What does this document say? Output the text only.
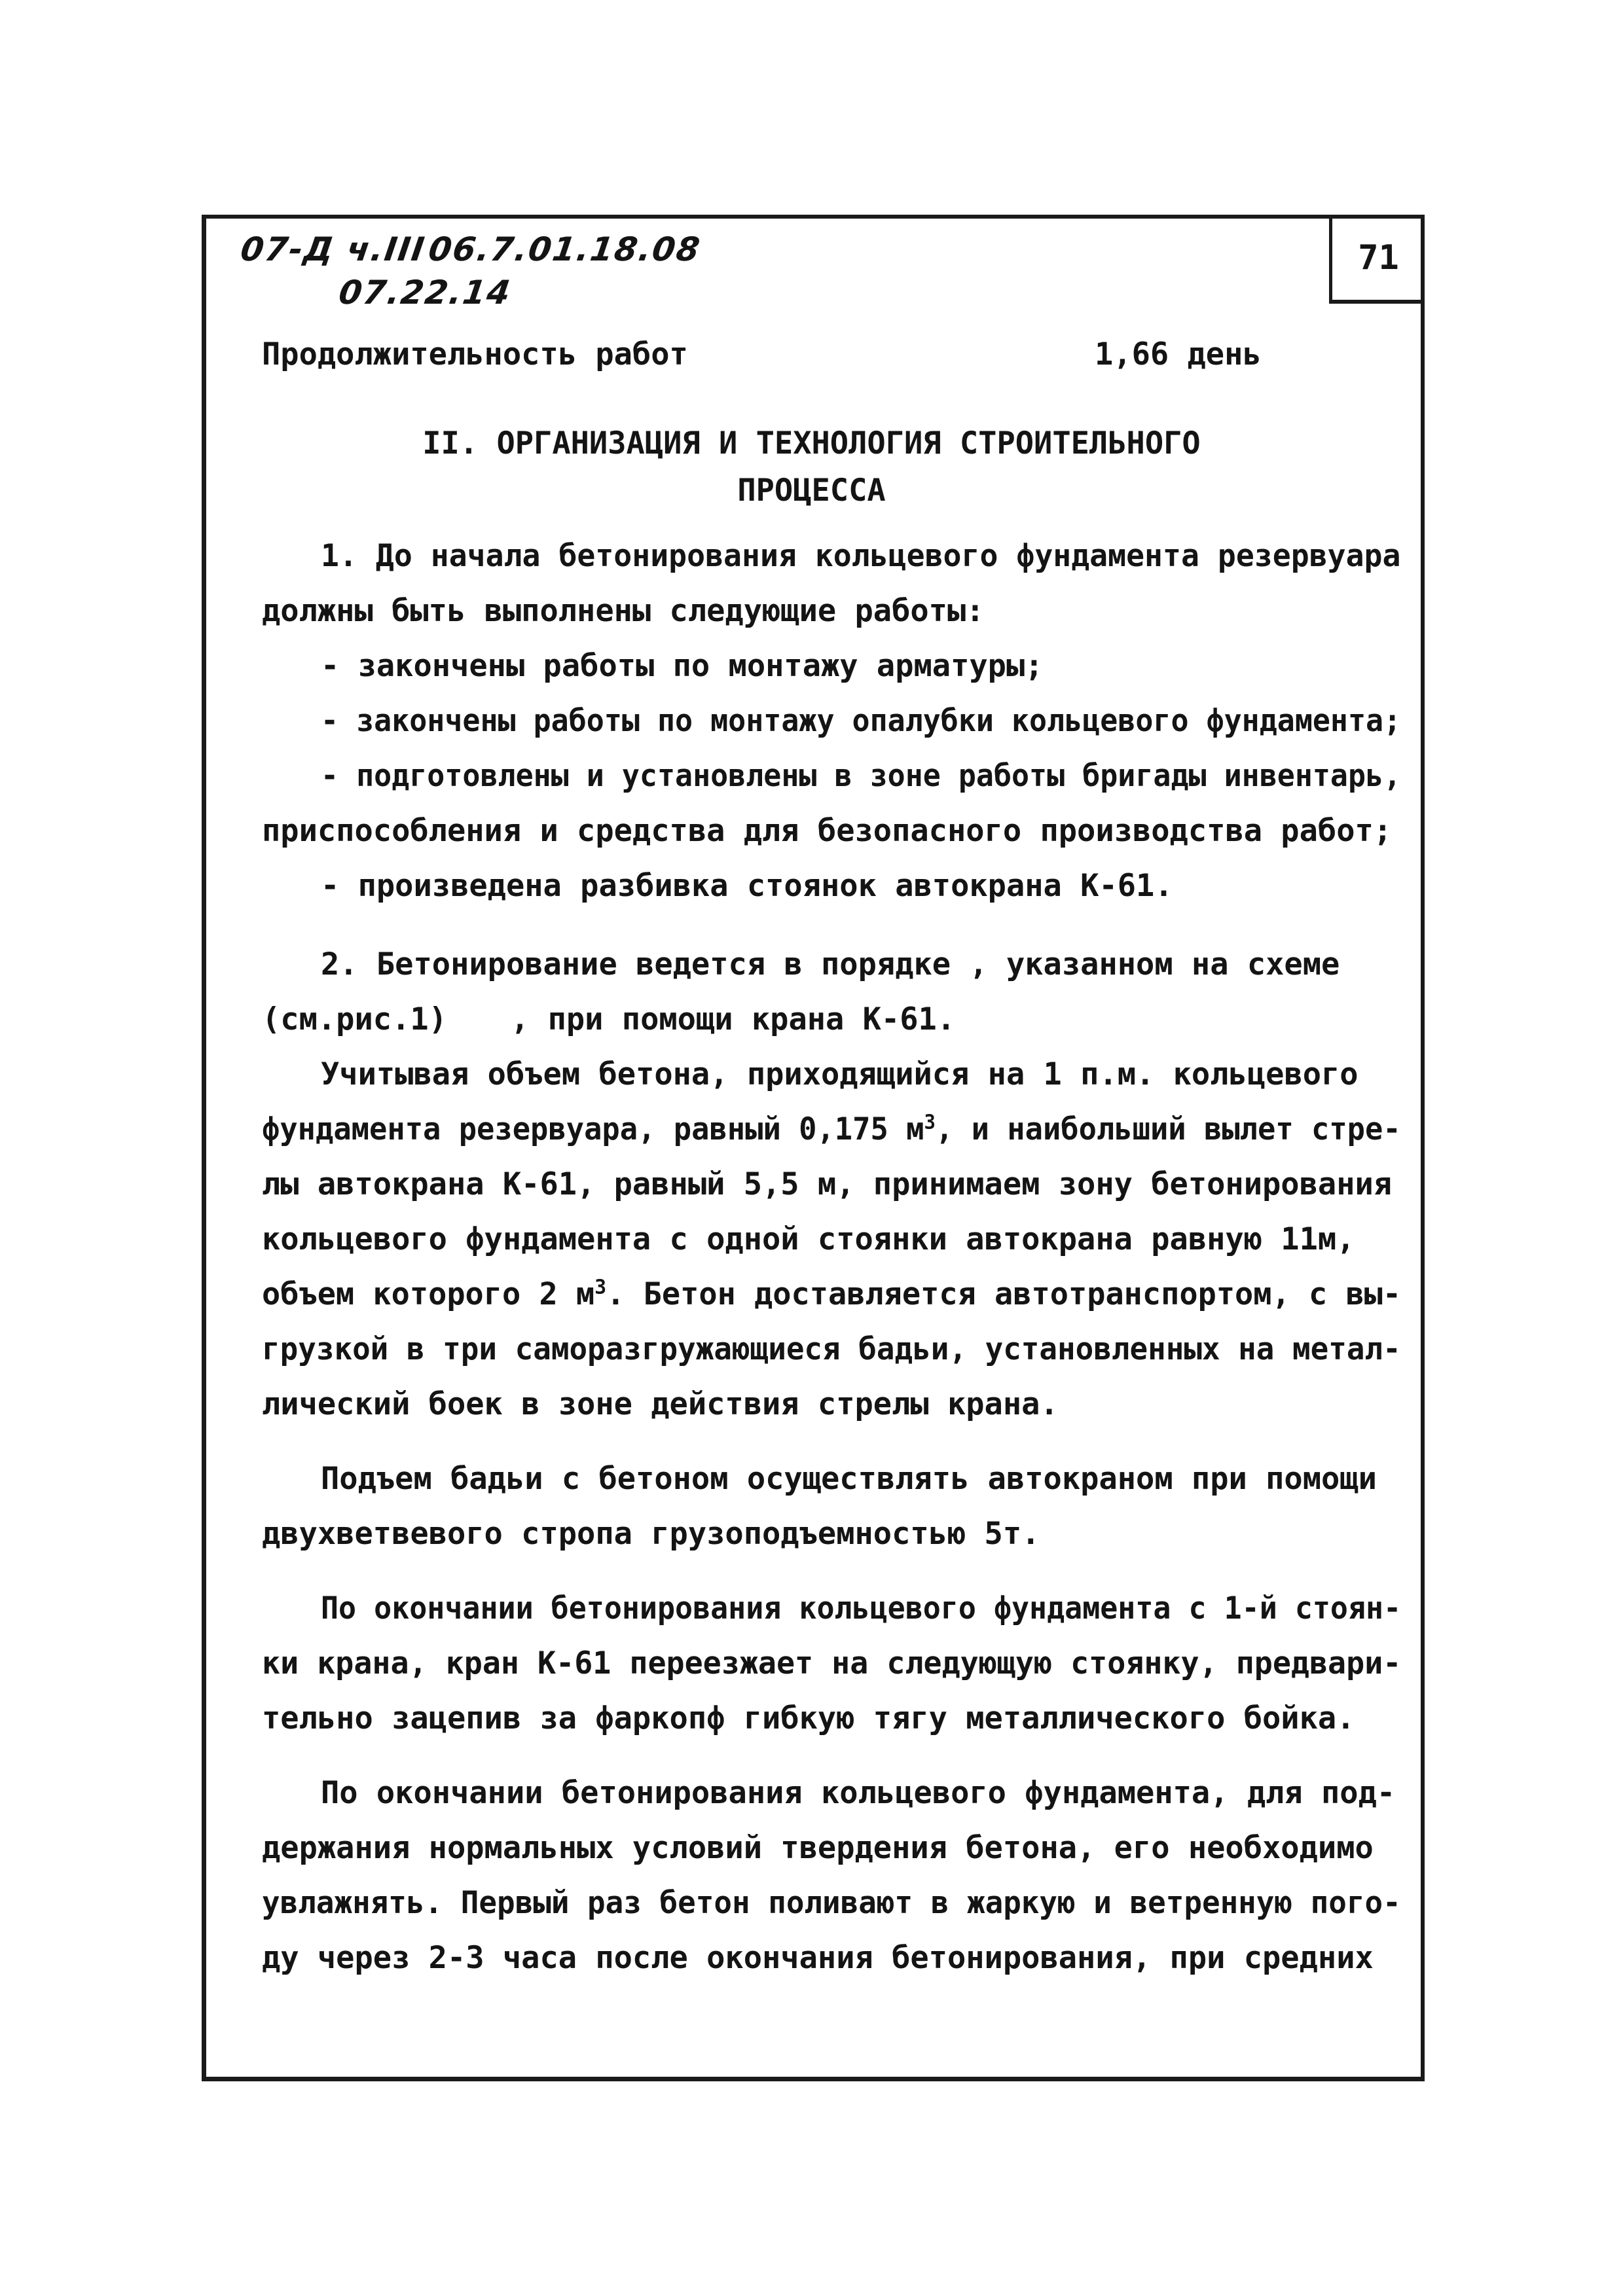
71
07-Д ч.III
06.7.01.18.08
07.22.14
Продолжительность работ	1,66 день
II. ОРГАНИЗАЦИЯ И ТЕХНОЛОГИЯ СТРОИТЕЛЬНОГО
ПРОЦЕССА
1. До начала бетонирования кольцевого фундамента резервуара
должны быть выполнены следующие работы:
- закончены работы по монтажу арматуры;
- закончены работы по монтажу опалубки кольцевого фундамента;
- подготовлены и установлены в зоне работы бригады инвентарь,
приспособления и средства для безопасного производства работ;
- произведена разбивка стоянок автокрана К-61.
2. Бетонирование ведется в порядке , указанном на схеме
(см.рис.1) , при помощи крана К-61.
Учитывая объем бетона, приходящийся на 1 п.м. кольцевого
фундамента резервуара, равный 0,175 $м^3$, и наибольший вылет стре-
лы автокрана К-61, равный 5,5 м, принимаем зону бетонирования
кольцевого фундамента с одной стоянки автокрана равную 11м,
объем которого 2 $м^3$. Бетон доставляется автотранспортом, с вы-
грузкой в три саморазгружающиеся бадьи, установленных на метал-
лический боек в зоне действия стрелы крана.
Подъем бадьи с бетоном осуществлять автокраном при помощи
двухветвевого стропа грузоподъемностью 5т.
По окончании бетонирования кольцевого фундамента с 1-й стоян-
ки крана, кран К-61 переезжает на следующую стоянку, предвари-
тельно зацепив за фаркопф гибкую тягу металлического бойка.
По окончании бетонирования кольцевого фундамента, для под-
держания нормальных условий твердения бетона, его необходимо
увлажнять. Первый раз бетон поливают в жаркую и ветренную пого-
ду через 2-3 часа после окончания бетонирования, при средних
